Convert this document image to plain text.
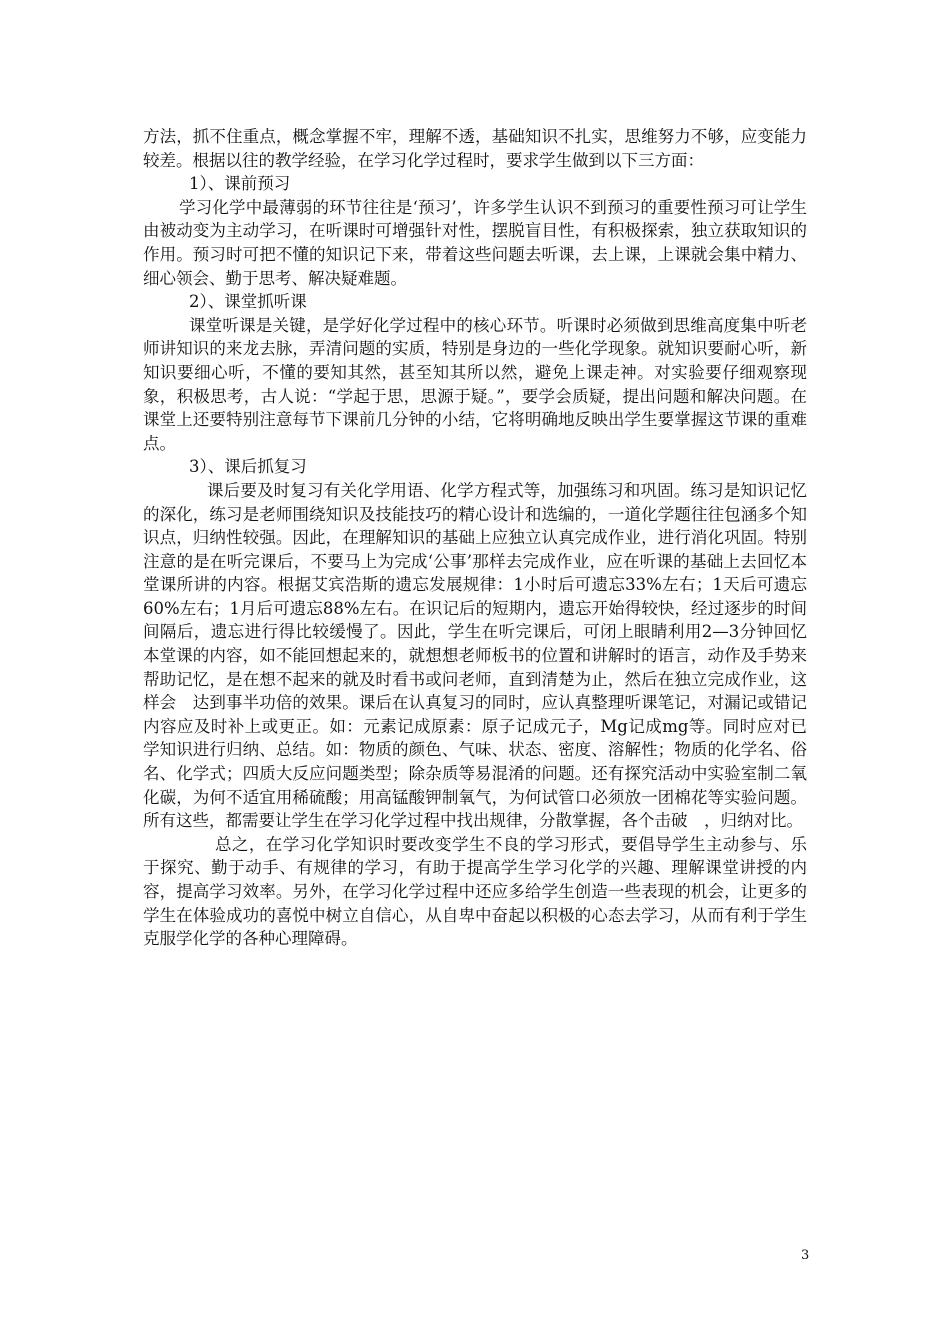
方法，抓不住重点，概念掌握不牢，理解不透，基础知识不扎实，思维努力不够，应变能力较差。根据以往的教学经验，在学习化学过程时，要求学生做到以下三方面：

1）、课前预习

学习化学中最薄弱的环节往往是‘预习’，许多学生认识不到预习的重要性预习可让学生由被动变为主动学习，在听课时可增强针对性，摆脱盲目性，有积极探索，独立获取知识的作用。预习时可把不懂的知识记下来，带着这些问题去听课，去上课，上课就会集中精力、细心领会、勤于思考、解决疑难题。

2）、课堂抓听课

课堂听课是关键，是学好化学过程中的核心环节。听课时必须做到思维高度集中听老师讲知识的来龙去脉，弄清问题的实质，特别是身边的一些化学现象。就知识要耐心听，新知识要细心听，不懂的要知其然，甚至知其所以然，避免上课走神。对实验要仔细观察现象，积极思考，古人说：“学起于思，思源于疑。”，要学会质疑，提出问题和解决问题。在课堂上还要特别注意每节下课前几分钟的小结，它将明确地反映出学生要掌握这节课的重难点。

3）、课后抓复习

课后要及时复习有关化学用语、化学方程式等，加强练习和巩固。练习是知识记忆的深化，练习是老师围绕知识及技能技巧的精心设计和选编的，一道化学题往往包涵多个知识点，归纳性较强。因此，在理解知识的基础上应独立认真完成作业，进行消化巩固。特别注意的是在听完课后，不要马上为完成‘公事’那样去完成作业，应在听课的基础上去回忆本堂课所讲的内容。根据艾宾浩斯的遗忘发展规律：1小时后可遗忘33%左右；1天后可遗忘60%左右；1月后可遗忘88%左右。在识记后的短期内，遗忘开始得较快，经过逐步的时间间隔后，遗忘进行得比较缓慢了。因此，学生在听完课后，可闭上眼睛利用2—3分钟回忆本堂课的内容，如不能回想起来的，就想想老师板书的位置和讲解时的语言，动作及手势来帮助记忆，是在想不起来的就及时看书或问老师，直到清楚为止，然后在独立完成作业，这样会　达到事半功倍的效果。课后在认真复习的同时，应认真整理听课笔记，对漏记或错记内容应及时补上或更正。如：元素记成原素：原子记成元子，Mg记成mg等。同时应对已学知识进行归纳、总结。如：物质的颜色、气味、状态、密度、溶解性；物质的化学名、俗名、化学式；四质大反应问题类型；除杂质等易混淆的问题。还有探究活动中实验室制二氧化碳，为何不适宜用稀硫酸；用高锰酸钾制氧气，为何试管口必须放一团棉花等实验问题。所有这些，都需要让学生在学习化学过程中找出规律，分散掌握，各个击破　，归纳对比。

总之，在学习化学知识时要改变学生不良的学习形式，要倡导学生主动参与、乐于探究、勤于动手、有规律的学习，有助于提高学生学习化学的兴趣、理解课堂讲授的内容，提高学习效率。另外，在学习化学过程中还应多给学生创造一些表现的机会，让更多的学生在体验成功的喜悦中树立自信心，从自卑中奋起以积极的心态去学习，从而有利于学生克服学化学的各种心理障碍。

3
